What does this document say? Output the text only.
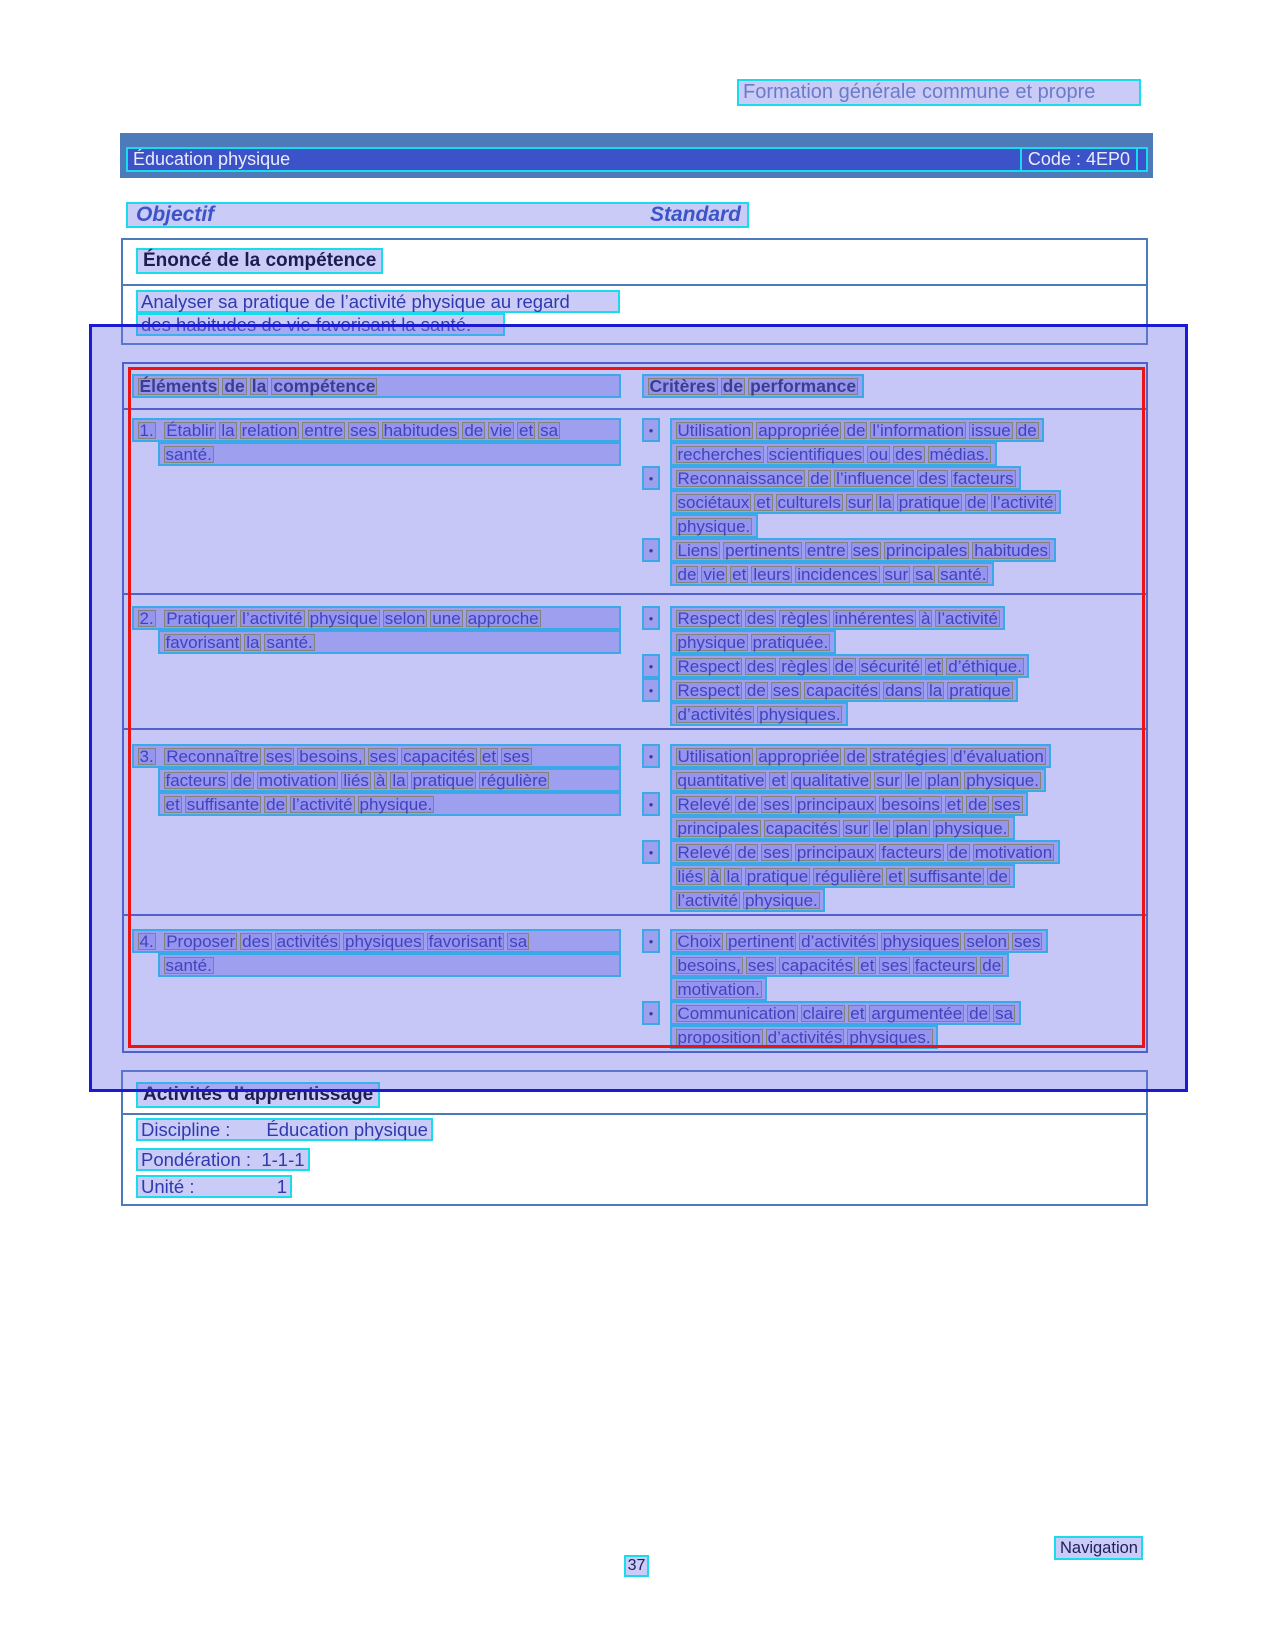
Formation générale commune et propre
Éducation physique	Code : 4EP0
Objectif	Standard
Énoncé de la compétence
Analyser sa pratique de l’activité physique au regard
des habitudes de vie favorisant la santé.
Éléments de la compétence	Critères de performance
1. Établir la relation entre ses habitudes de vie et sa
santé.
•	Utilisation appropriée de l’information issue de
recherches scientifiques ou des médias.
•	Reconnaissance de l’influence des facteurs
sociétaux et culturels sur la pratique de l’activité
physique.
•	Liens pertinents entre ses principales habitudes
de vie et leurs incidences sur sa santé.
2. Pratiquer l’activité physique selon une approche
favorisant la santé.
•	Respect des règles inhérentes à l’activité
physique pratiquée.
•	Respect des règles de sécurité et d’éthique.
•	Respect de ses capacités dans la pratique
d’activités physiques.
3. Reconnaître ses besoins, ses capacités et ses
facteurs de motivation liés à la pratique régulière
et suffisante de l’activité physique.
•	Utilisation appropriée de stratégies d’évaluation
quantitative et qualitative sur le plan physique.
•	Relevé de ses principaux besoins et de ses
principales capacités sur le plan physique.
•	Relevé de ses principaux facteurs de motivation
liés à la pratique régulière et suffisante de
l’activité physique.
4. Proposer des activités physiques favorisant sa
santé.
•	Choix pertinent d’activités physiques selon ses
besoins, ses capacités et ses facteurs de
motivation.
•	Communication claire et argumentée de sa
proposition d’activités physiques.
Activités d’apprentissage
Discipline :       Éducation physique
Pondération :  1-1-1
Unité :                1
Navigation
37
